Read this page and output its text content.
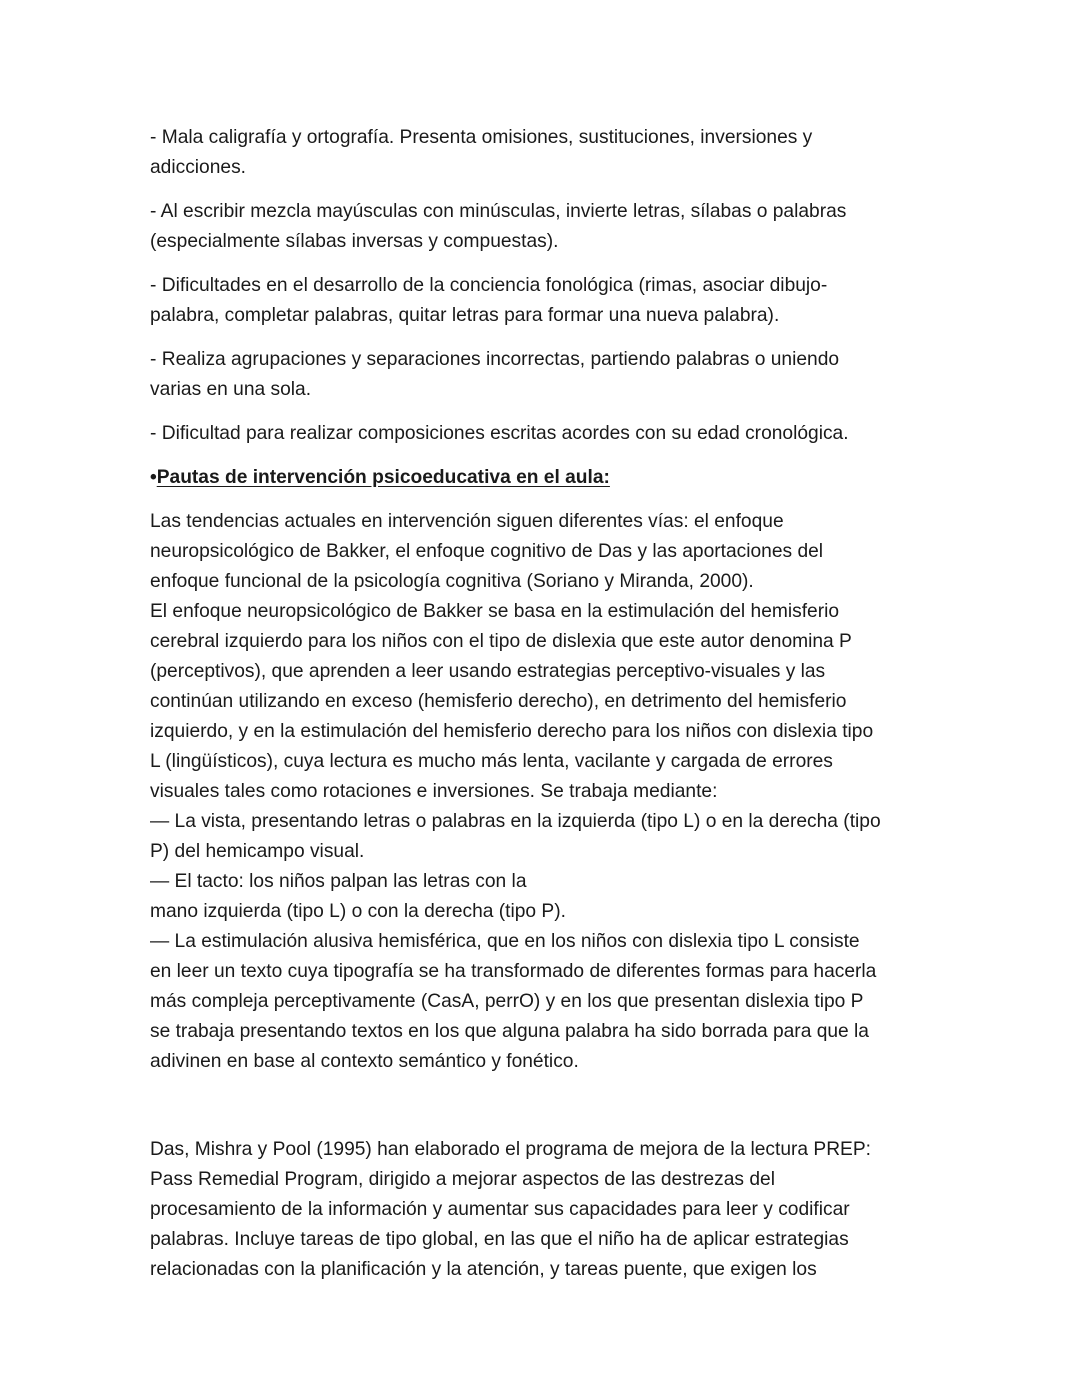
- Mala caligrafía y ortografía. Presenta omisiones, sustituciones, inversiones y
adicciones.
- Al escribir mezcla mayúsculas con minúsculas, invierte letras, sílabas o palabras
(especialmente sílabas inversas y compuestas).
- Dificultades en el desarrollo de la conciencia fonológica (rimas, asociar dibujo-
palabra, completar palabras, quitar letras para formar una nueva palabra).
- Realiza agrupaciones y separaciones incorrectas, partiendo palabras o uniendo
varias en una sola.
- Dificultad para realizar composiciones escritas acordes con su edad cronológica.
•Pautas de intervención psicoeducativa en el aula:
Las tendencias actuales en intervención siguen diferentes vías: el enfoque
neuropsicológico de Bakker, el enfoque cognitivo de Das y las aportaciones del
enfoque funcional de la psicología cognitiva (Soriano y Miranda, 2000).
El enfoque neuropsicológico de Bakker se basa en la estimulación del hemisferio
cerebral izquierdo para los niños con el tipo de dislexia que este autor denomina P
(perceptivos), que aprenden a leer usando estrategias perceptivo-visuales y las
continúan utilizando en exceso (hemisferio derecho), en detrimento del hemisferio
izquierdo, y en la estimulación del hemisferio derecho para los niños con dislexia tipo
L (lingüísticos), cuya lectura es mucho más lenta, vacilante y cargada de errores
visuales tales como rotaciones e inversiones. Se trabaja mediante:
— La vista, presentando letras o palabras en la izquierda (tipo L) o en la derecha (tipo
P) del hemicampo visual.
— El tacto: los niños palpan las letras con la
mano izquierda (tipo L) o con la derecha (tipo P).
— La estimulación alusiva hemisférica, que en los niños con dislexia tipo L consiste
en leer un texto cuya tipografía se ha transformado de diferentes formas para hacerla
más compleja perceptivamente (CasA, perrO) y en los que presentan dislexia tipo P
se trabaja presentando textos en los que alguna palabra ha sido borrada para que la
adivinen en base al contexto semántico y fonético.
Das, Mishra y Pool (1995) han elaborado el programa de mejora de la lectura PREP:
Pass Remedial Program, dirigido a mejorar aspectos de las destrezas del
procesamiento de la información y aumentar sus capacidades para leer y codificar
palabras. Incluye tareas de tipo global, en las que el niño ha de aplicar estrategias
relacionadas con la planificación y la atención, y tareas puente, que exigen los
